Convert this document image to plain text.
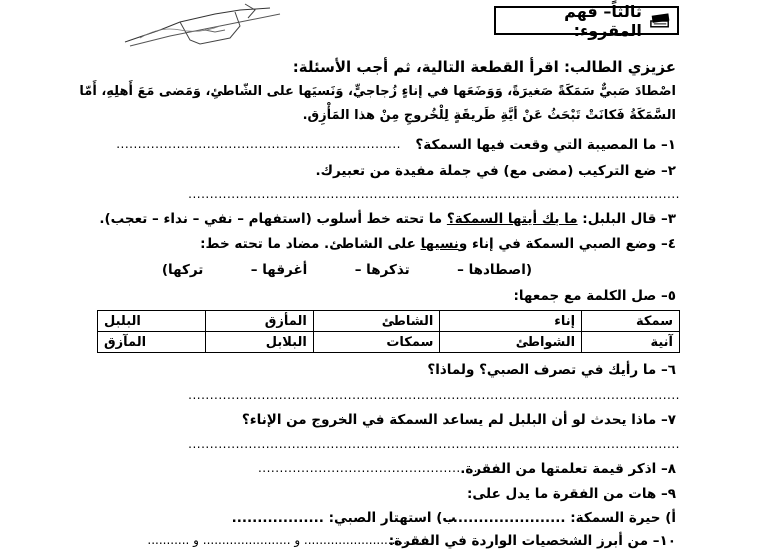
ثالثاً– فهم المقروء:
عزيزي الطالب: اقرأ القطعة التالية، ثم أجب الأسئلة:
اصْطادَ صَبيٌّ سَمَكَةً صَغيرَةً، وَوَضَعَها في إناءٍ زُجاجيٍّ، وَنَسيَها على الشّاطئِ، وَمَضى مَعَ أَهلِهِ، أَمّا
السَّمَكَةُ فَكانَتْ تَبْحَثُ عَنْ أيَّةِ طَريقَةٍ لِلْخُروجِ مِنْ هذا المَأْزِق.
١– ما المصيبة التي وقعت فيها السمكة؟
..................................................................
٢– ضع التركيب (مضى مع) في جملة مفيدة من تعبيرك.
..................................................................................................................
٣– قال البلبل: ما بك أيتها السمكة؟ ما تحته خط أسلوب (استفهام – نفي – نداء – تعجب).
٤– وضع الصبي السمكة في إناء ونسيها على الشاطئ. مضاد ما تحته خط:
(اصطادها –  تذكرها –  أغرقها –  تركها)
٥– صل الكلمة مع جمعها:
سمكة	إناء	الشاطئ	المأزق	البلبل
آنية	الشواطئ	سمكات	البلابل	المآزق
٦– ما رأيك في تصرف الصبي؟ ولماذا؟
..................................................................................................................
٧– ماذا يحدث لو أن البلبل لم يساعد السمكة في الخروج من الإناء؟
..................................................................................................................
٨– اذكر قيمة تعلمتها من الفقرة.
...................................................
٩– هات من الفقرة ما يدل على:
أ) حيرة السمكة: .......................
ب) استهتار الصبي: ..................
١٠– من أبرز الشخصيات الواردة في الفقرة:
................................ و ....................... و ...........
